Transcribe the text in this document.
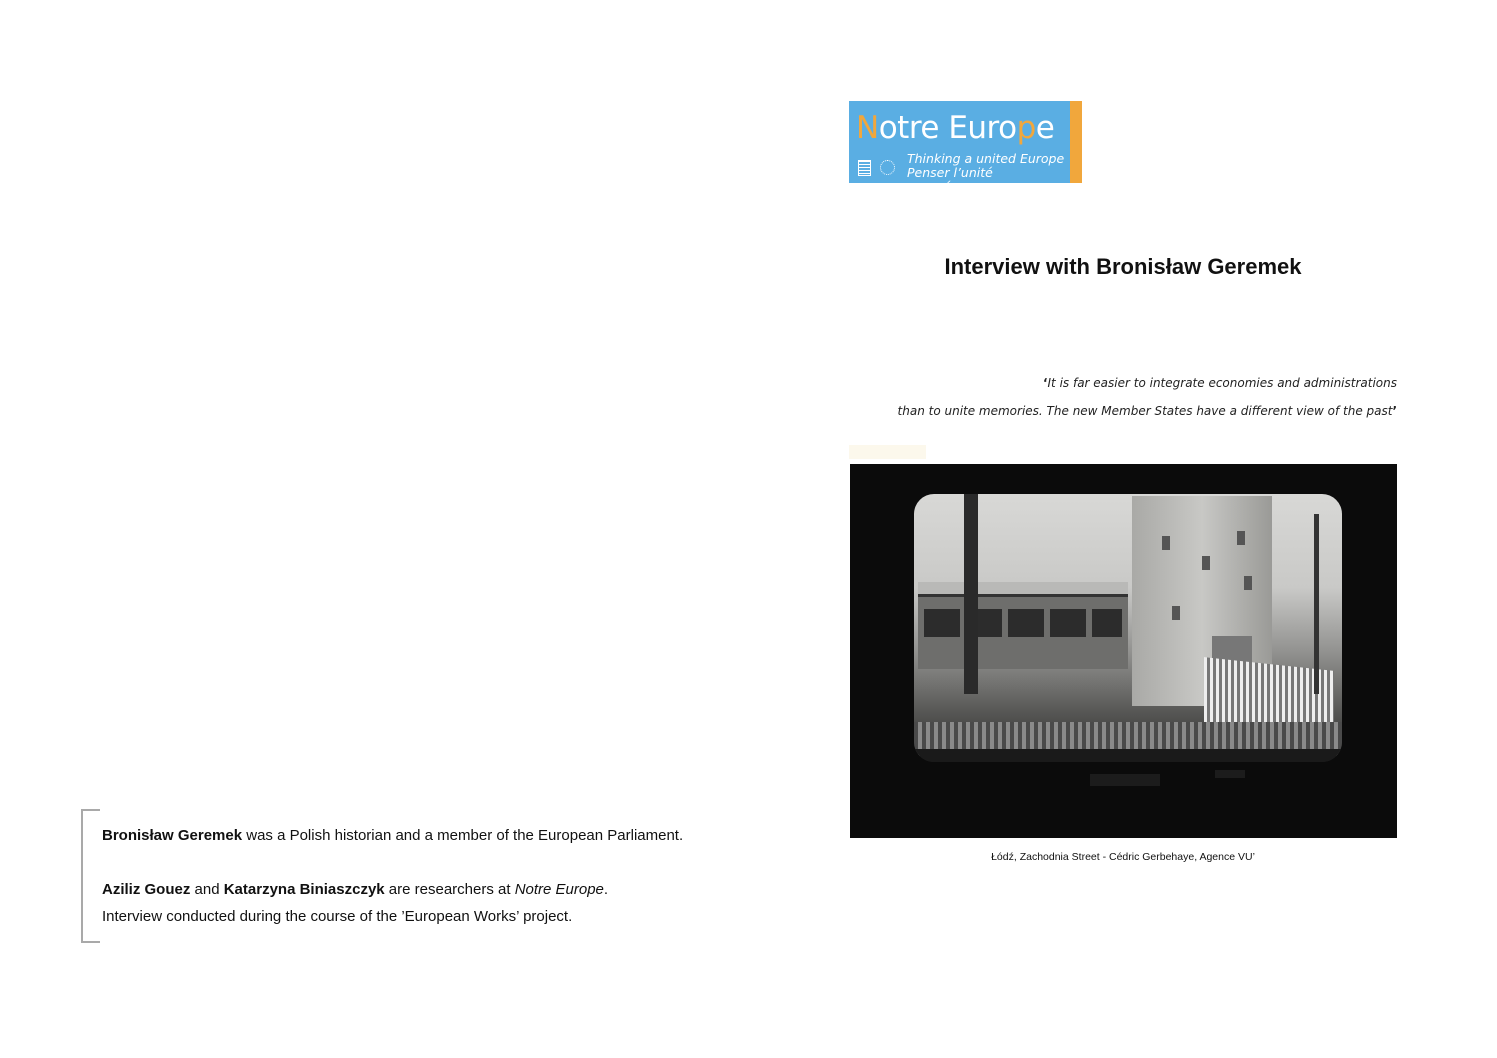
Notre Europe
Thinking a united Europe
Penser l’unité européenne
Interview with Bronisław Geremek
‘It is far easier to integrate economies and administrations
than to unite memories. The new Member States have a different view of the past’
Łódź, Zachodnia Street - Cédric Gerbehaye, Agence VU’
Bronisław Geremek was a Polish historian and a member of the European Parliament.
Aziliz Gouez and Katarzyna Biniaszczyk are researchers at Notre Europe.
Interview conducted during the course of the ’European Works’ project.
